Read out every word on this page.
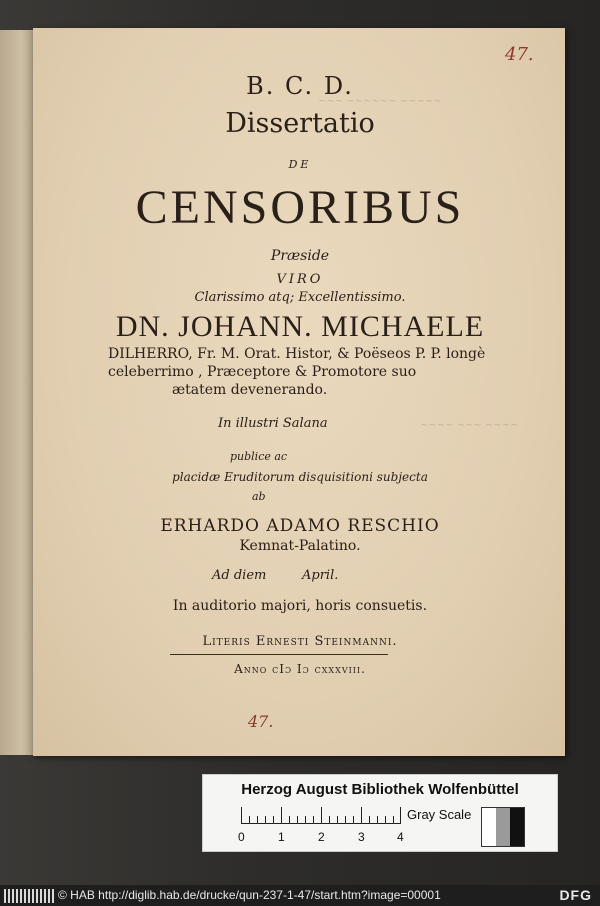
~~~ ~~~~~~ ~~~~~
~~~~ ~~~ ~~~~
47.
B. C. D.
Dissertatio
DE
CENSORIBUS
Præside
VIRO
Clarissimo atq; Excellentissimo.
DN. JOHANN. MICHAELE
DILHERRO, Fr. M. Orat. Histor, & Poëseos P. P. longè
celeberrimo , Præceptore & Promotore suo
ætatem devenerando.
In illustri Salana
publice ac
placidæ Eruditorum disquisitioni subjecta
ab
ERHARDO ADAMO RESCHIO
Kemnat-Palatino.
Ad diem	April.
In auditorio majori, horis consuetis.
Literis Ernesti Steinmanni.
Anno cIɔ Iɔ cxxxviii.
47.
Herzog August Bibliothek Wolfenbüttel
0	1	2	3	4
Gray Scale
© HAB http://diglib.hab.de/drucke/qun-237-1-47/start.htm?image=00001	DFG
